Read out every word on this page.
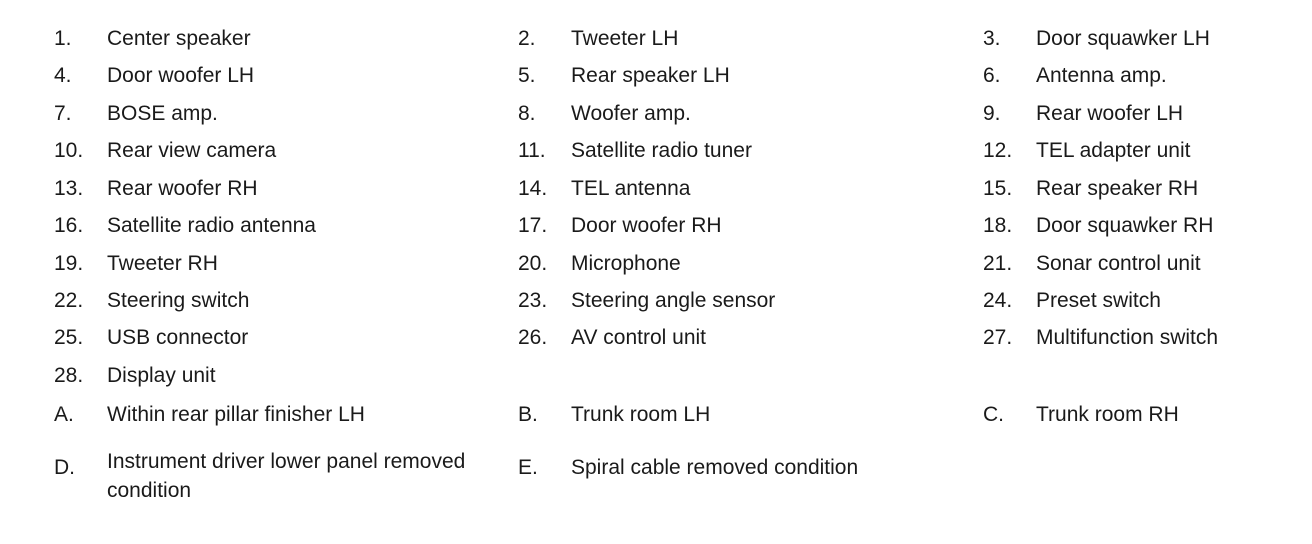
1. Center speaker	2. Tweeter LH	3. Door squawker LH
4. Door woofer LH	5. Rear speaker LH	6. Antenna amp.
7. BOSE amp.	8. Woofer amp.	9. Rear woofer LH
10. Rear view camera	11. Satellite radio tuner	12. TEL adapter unit
13. Rear woofer RH	14. TEL antenna	15. Rear speaker RH
16. Satellite radio antenna	17. Door woofer RH	18. Door squawker RH
19. Tweeter RH	20. Microphone	21. Sonar control unit
22. Steering switch	23. Steering angle sensor	24. Preset switch
25. USB connector	26. AV control unit	27. Multifunction switch
28. Display unit
A. Within rear pillar finisher LH	B. Trunk room LH	C. Trunk room RH
D. Instrument driver lower panel removed condition
E. Spiral cable removed condition
